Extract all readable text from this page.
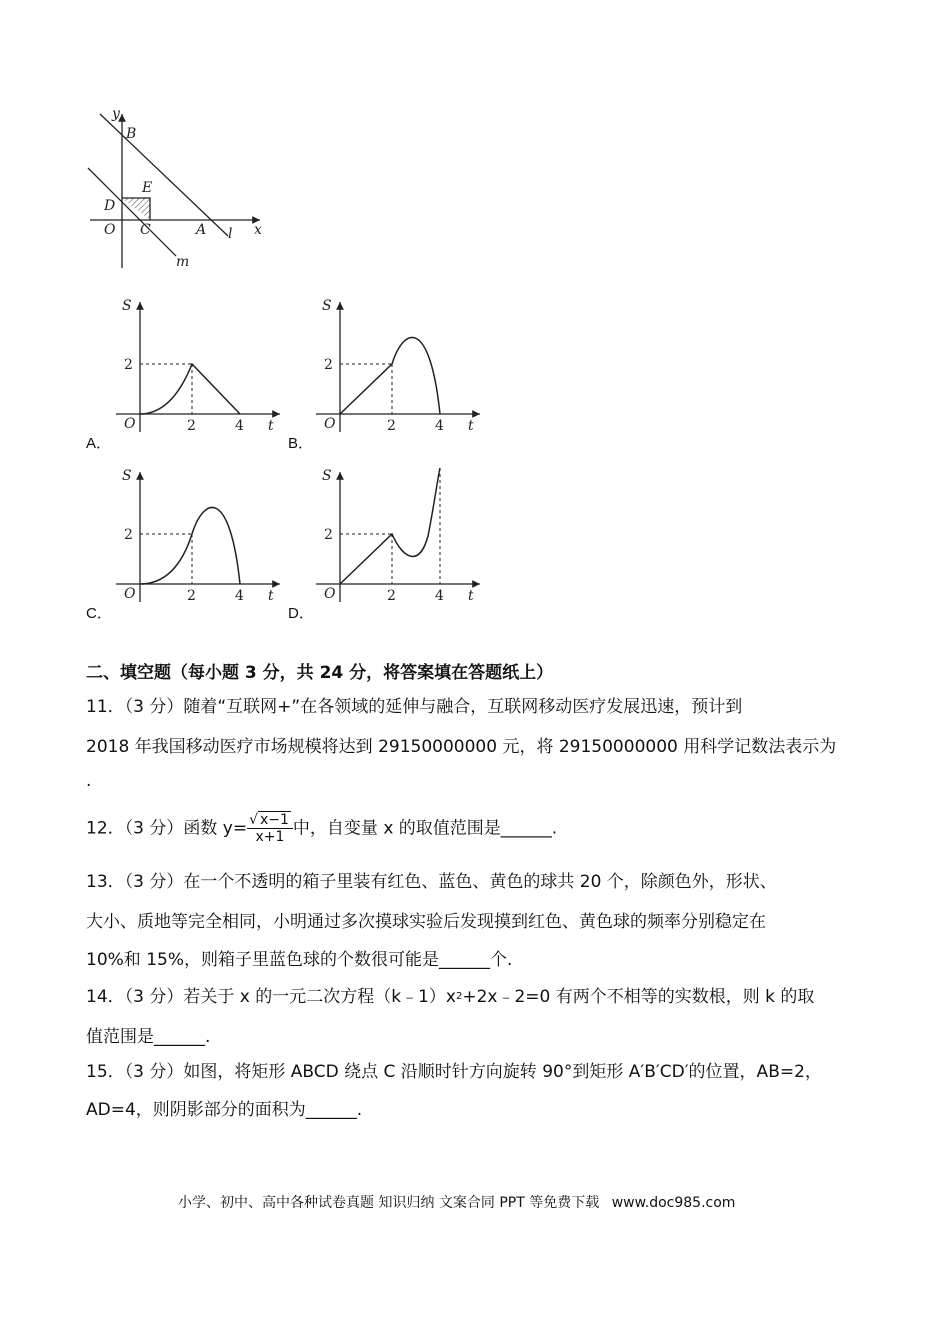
y
B
E
D
O C	A	x
m
l
A．
S
2
O	2	4 t
B．
S
2
O	2	4 t
C．
S
2
O	2	4 t
D．
S
2
O	2	4 t
二、填空题（每小题 3 分，共 24 分，将答案填在答题纸上）
11．（3 分）随着“互联网+”在各领域的延伸与融合，互联网移动医疗发展迅速，预计到
2018 年我国移动医疗市场规模将达到 29150000000 元，将 29150000000 用科学记数法表示为
.
12．（3 分）函数 $y= \frac{√ x-1}{x+1}$ 中，自变量 x 的取值范围是______.
13．（3 分）在一个不透明的箱子里装有红色、蓝色、黄色的球共 20 个，除颜色外，形状、
大小、质地等完全相同，小明通过多次摸球实验后发现摸到红色、黄色球的频率分别稳定在
10%和 15%，则箱子里蓝色球的个数很可能是______个.
14．（3 分）若关于 x 的一元二次方程$(k﹣1)x^2+2x﹣2=0$ 有两个不相等的实数根，则 k 的取
值范围是______.
15．（3 分）如图，将矩形 ABCD 绕点 C 沿顺时针方向旋转 90°到矩形 A′B′CD′的位置，AB=2，
AD=4，则阴影部分的面积为______.
小学、初中、高中各种试卷真题 知识归纳 文案合同 PPT 等免费下载 www.doc985.com
